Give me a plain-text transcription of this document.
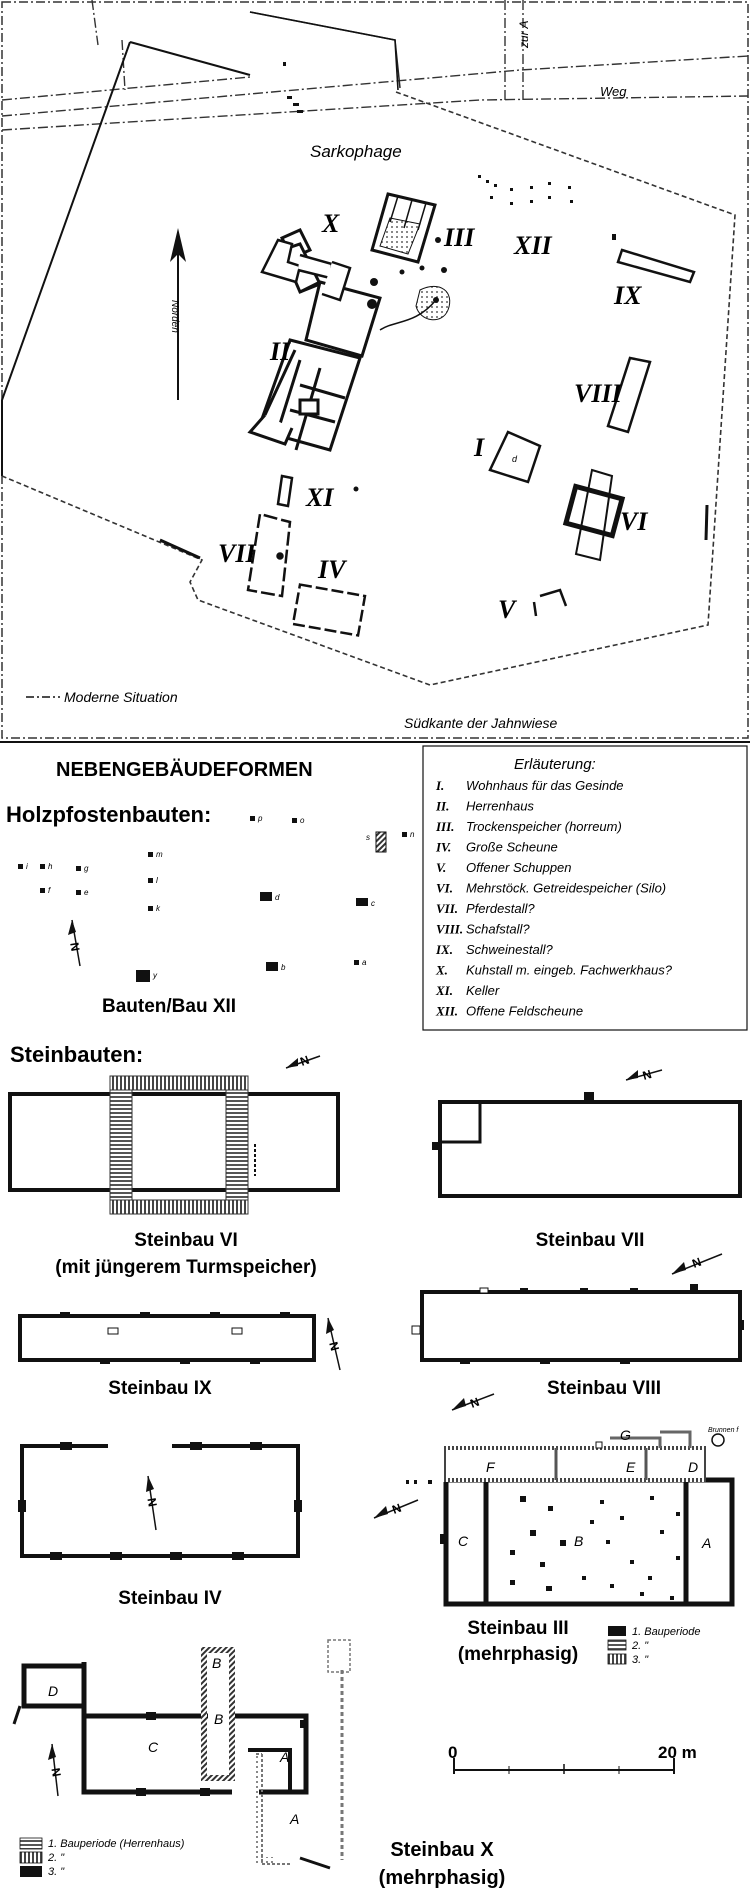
zur A
Weg
Sarkophage
Norden
d
X	III XII
IX
II
VIII
I
XI
VI
VII
IV
V
Moderne Situation
Südkante der Jahnwiese
NEBENGEBÄUDEFORMEN	Erläuterung:
I. Wohnhaus für das Gesinde
II. Herrenhaus
III. Trockenspeicher (horreum)
IV. Große Scheune
V. Offener Schuppen
VI. Mehrstöck. Getreidespeicher (Silo)
VII. Pferdestall?
VIII. Schafstall?
IX. Schweinestall?
X. Kuhstall m. eingeb. Fachwerkhaus?
XI. Keller
XII. Offene Feldscheune
Holzpfostenbauten:
i	h	g
f	e
m
l
k
p	o
d
y
b
c
a
s	n
N
Bauten/Bau XII
Steinbauten:	N
Steinbau VI
(mit jüngerem Turmspeicher)
N
Steinbau VII
N
Steinbau VIII
N
Steinbau IX
N
Steinbau IV
A
B
C
D
E
F
G	Brunnen f
N
N
Steinbau III
(mehrphasig)
1. Bauperiode
2. "
3. "
D
C
B
B
A
A
N
1. Bauperiode (Herrenhaus)
2. "
3. "
Steinbau X
(mehrphasig)
0	20 m
